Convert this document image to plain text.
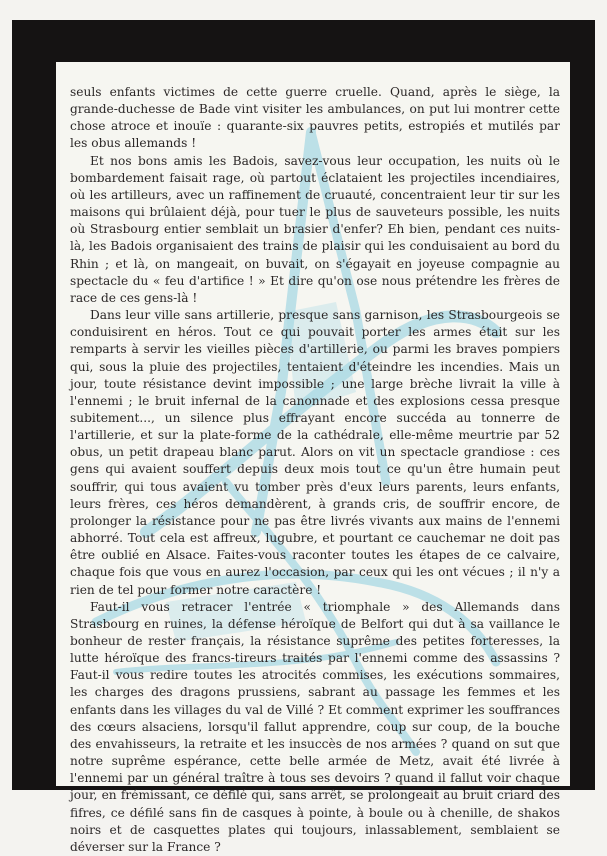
seuls enfants victimes de cette guerre cruelle. Quand, après le siège, la grande-duchesse de Bade vint visiter les ambulances, on put lui montrer cette chose atroce et inouïe : quarante-six pauvres petits, estropiés et mutilés par les obus allemands !

Et nos bons amis les Badois, savez-vous leur occupation, les nuits où le bombardement faisait rage, où partout éclataient les projectiles incendiaires, où les artilleurs, avec un raffinement de cruauté, concentraient leur tir sur les maisons qui brûlaient déjà, pour tuer le plus de sauveteurs possible, les nuits où Strasbourg entier semblait un brasier d'enfer? Eh bien, pendant ces nuits-là, les Badois organisaient des trains de plaisir qui les conduisaient au bord du Rhin ; et là, on mangeait, on buvait, on s'égayait en joyeuse compagnie au spectacle du « feu d'artifice ! » Et dire qu'on ose nous prétendre les frères de race de ces gens-là !

Dans leur ville sans artillerie, presque sans garnison, les Strasbourgeois se conduisirent en héros. Tout ce qui pouvait porter les armes était sur les remparts à servir les vieilles pièces d'artillerie, ou parmi les braves pompiers qui, sous la pluie des projectiles, tentaient d'éteindre les incendies. Mais un jour, toute résistance devint impossible ; une large brèche livrait la ville à l'ennemi ; le bruit infernal de la canonnade et des explosions cessa presque subitement..., un silence plus effrayant encore succéda au tonnerre de l'artillerie, et sur la plate-forme de la cathédrale, elle-même meurtrie par 52 obus, un petit drapeau blanc parut. Alors on vit un spectacle grandiose : ces gens qui avaient souffert depuis deux mois tout ce qu'un être humain peut souffrir, qui tous avaient vu tomber près d'eux leurs parents, leurs enfants, leurs frères, ces héros demandèrent, à grands cris, de souffrir encore, de prolonger la résistance pour ne pas être livrés vivants aux mains de l'ennemi abhorré. Tout cela est affreux, lugubre, et pourtant ce cauchemar ne doit pas être oublié en Alsace. Faites-vous raconter toutes les étapes de ce calvaire, chaque fois que vous en aurez l'occasion, par ceux qui les ont vécues ; il n'y a rien de tel pour former notre caractère !

Faut-il vous retracer l'entrée « triomphale » des Allemands dans Strasbourg en ruines, la défense héroïque de Belfort qui dut à sa vaillance le bonheur de rester français, la résistance suprême des petites forteresses, la lutte héroïque des francs-tireurs traités par l'ennemi comme des assassins ? Faut-il vous redire toutes les atrocités commises, les exécutions sommaires, les charges des dragons prussiens, sabrant au passage les femmes et les enfants dans les villages du val de Villé ? Et comment exprimer les souffrances des cœurs alsaciens, lorsqu'il fallut apprendre, coup sur coup, de la bouche des envahisseurs, la retraite et les insuccès de nos armées ? quand on sut que notre suprême espérance, cette belle armée de Metz, avait été livrée à l'ennemi par un général traître à tous ses devoirs ? quand il fallut voir chaque jour, en frémissant, ce défilé qui, sans arrêt, se prolongeait au bruit criard des fifres, ce défilé sans fin de casques à pointe, à boule ou à chenille, de shakos noirs et de casquettes plates qui toujours, inlassablement, semblaient se déverser sur la France ?
